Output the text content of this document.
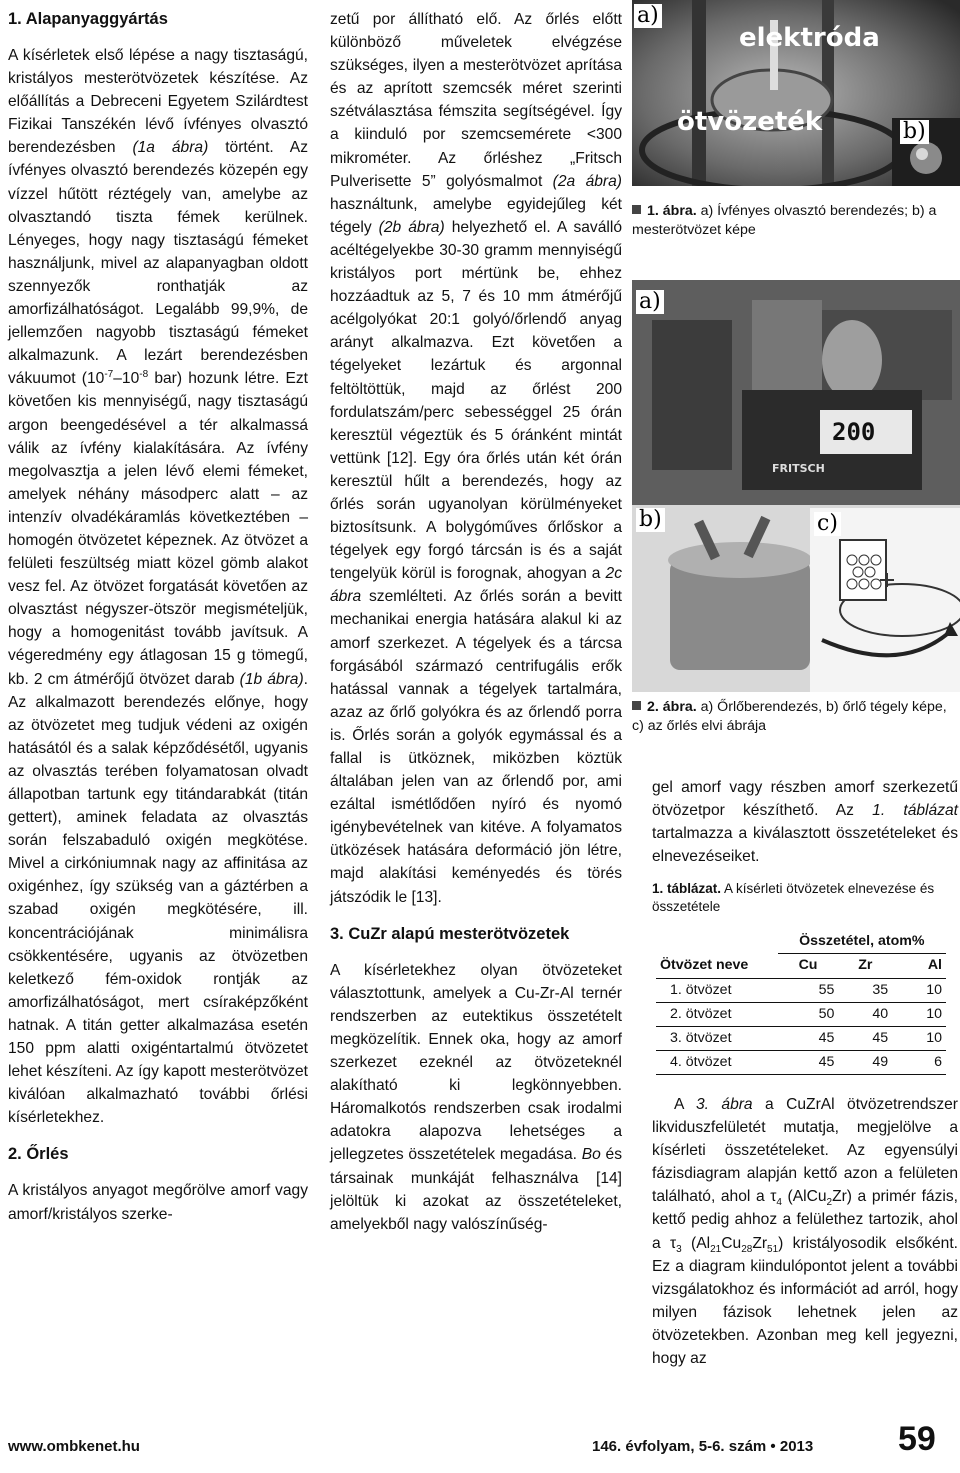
1. Alapanyaggyártás

A kísérletek első lépése a nagy tisztaságú, kristályos mesterötvözetek készítése. Az előállítás a Debreceni Egyetem Szilárdtest Fizikai Tanszékén lévő ívfényes olvasztó berendezésben (1a ábra) történt. Az ívfényes olvasztó berendezés közepén egy vízzel hűtött réztégely van, amelybe az olvasztandó tiszta fémek kerülnek. Lényeges, hogy nagy tisztaságú fémeket használjunk, mivel az alapanyagban oldott szennyezők ronthatják az amorfizálhatóságot. Legalább 99,9%, de jellemzően nagyobb tisztaságú fémeket alkalmazunk. A lezárt berendezésben vákuumot ($10^{-7}-10^{-8}$ bar) hozunk létre. Ezt követően kis mennyiségű, nagy tisztaságú argon beengedésével a tér alkalmassá válik az ívfény kialakítására. Az ívfény megolvasztja a jelen lévő elemi fémeket, amelyek néhány másodperc alatt – az intenzív olvadékáramlás következtében – homogén ötvözetet képeznek. Az ötvözet a felületi feszültség miatt közel gömb alakot vesz fel. Az ötvözet forgatását követően az olvasztást négyszer-ötször megismételjük, hogy a homogenitást tovább javítsuk. A végeredmény egy átlagosan 15 g tömegű, kb. 2 cm átmérőjű ötvözet darab (1b ábra). Az alkalmazott berendezés előnye, hogy az ötvözetet meg tudjuk védeni az oxigén hatásától és a salak képződésétől, ugyanis az olvasztás terében folyamatosan olvadt állapotban tartunk egy titándarabkát (titán gettert), aminek feladata az olvasztás során felszabaduló oxigén megkötése. Mivel a cirkóniumnak nagy az affinitása az oxigénhez, így szükség van a gáztérben a szabad oxigén megkötésére, ill. koncentrációjának minimálisra csökkentésére, ugyanis az ötvözetben keletkező fém-oxidok rontják az amorfizálhatóságot, mert csíraképzőként hatnak. A titán getter alkalmazása esetén 150 ppm alatti oxigéntartalmú ötvözetet lehet készíteni. Az így kapott mesterötvözet kiválóan alkalmazható további őrlési kísérletekhez.

2. Őrlés

A kristályos anyagot megőrölve amorf vagy amorf/kristályos szerke-

zetű por állítható elő. Az őrlés előtt különböző műveletek elvégzése szükséges, ilyen a mesterötvözet aprítása és az aprított szemcsék méret szerinti szétválasztása fémszita segítségével. Így a kiinduló por szemcsemérete <300 mikrométer. Az őrléshez „Fritsch Pulverisette 5” golyósmalmot (2a ábra) használtunk, amelybe egyidejűleg két tégely (2b ábra) helyezhető el. A saválló acéltégelyekbe 30-30 gramm mennyiségű kristályos port mértünk be, ehhez hozzáadtuk az 5, 7 és 10 mm átmérőjű acélgolyókat 20:1 golyó/őrlendő anyag arányt alkalmazva. Ezt követően a tégelyeket lezártuk és argonnal feltöltöttük, majd az őrlést 200 fordulatszám/perc sebességgel 25 órán keresztül végeztük és 5 óránként mintát vettünk [12]. Egy óra őrlés után két órán keresztül hűlt a berendezés, hogy az őrlés során ugyanolyan körülményeket biztosítsunk. A bolygóműves őrlőskor a tégelyek egy forgó tárcsán is és a saját tengelyük körül is forognak, ahogyan a 2c ábra szemlélteti. Az őrlés során a bevitt mechanikai energia hatására alakul ki az amorf szerkezet. A tégelyek és a tárcsa forgásából származó centrifugális erők hatással vannak a tégelyek tartalmára, azaz az őrlő golyókra és az őrlendő porra is. Őrlés során a golyók egymással és a fallal is ütköznek, miközben köztük általában jelen van az őrlendő por, ami ezáltal ismétlődően nyíró és nyomó igénybevételnek van kitéve. A folyamatos ütközések hatására deformáció jön létre, majd alakítási keményedés és törés játszódik le [13].

3. CuZr alapú mesterötvözetek

A kísérletekhez olyan ötvözeteket választottunk, amelyek a Cu-Zr-Al ternér rendszerben az eutektikus összetételt megközelítik. Ennek oka, hogy az amorf szerkezet ezeknél az ötvözeteknél alakítható ki legkönnyebben. Háromalkotós rendszerben csak irodalmi adatokra alapozva lehetséges a jellegzetes összetételek megadása. Bo és társainak munkáját felhasználva [14] jelöltük ki azokat az összetételeket, amelyekből nagy valószínűség-

a)
elektróda
ötvözeték	b)
1. ábra. a) Ívfényes olvasztó berendezés; b) a mesterötvözet képe
a)
200
FRITSCH
b)	c)
2. ábra. a) Őrlőberendezés, b) őrlő tégely képe, c) az őrlés elvi ábrája

gel amorf vagy részben amorf szerkezetű ötvözetpor készíthető. Az 1. táblázat tartalmazza a kiválasztott összetételeket és elnevezéseiket.

1. táblázat. A kísérleti ötvözetek elnevezése és összetétele
	Összetétel, atom%		
Ötvözet neve	Cu	Zr	Al
1. ötvözet	55	35	10
2. ötvözet	50	40	10
3. ötvözet	45	45	10
4. ötvözet	45	49	6

A 3. ábra a CuZrAl ötvözetrendszer likviduszfelületét mutatja, megjelölve a kísérleti összetételeket. Az egyensúlyi fázisdiagram alapján kettő azon a felületen található, ahol a $\tau_4$ (AlCu$_2$Zr) a primér fázis, kettő pedig ahhoz a felülethez tartozik, ahol a $\tau_3$ $(Al_{21}Cu_{28}Zr_{51})$ kristályosodik elsőként. Ez a diagram kiindulópontot jelent a további vizsgálatokhoz és információt ad arról, hogy milyen fázisok lehetnek jelen az ötvözetekben. Azonban meg kell jegyezni, hogy az

www.ombkenet.hu	146. évfolyam, 5-6. szám • 2013 59
